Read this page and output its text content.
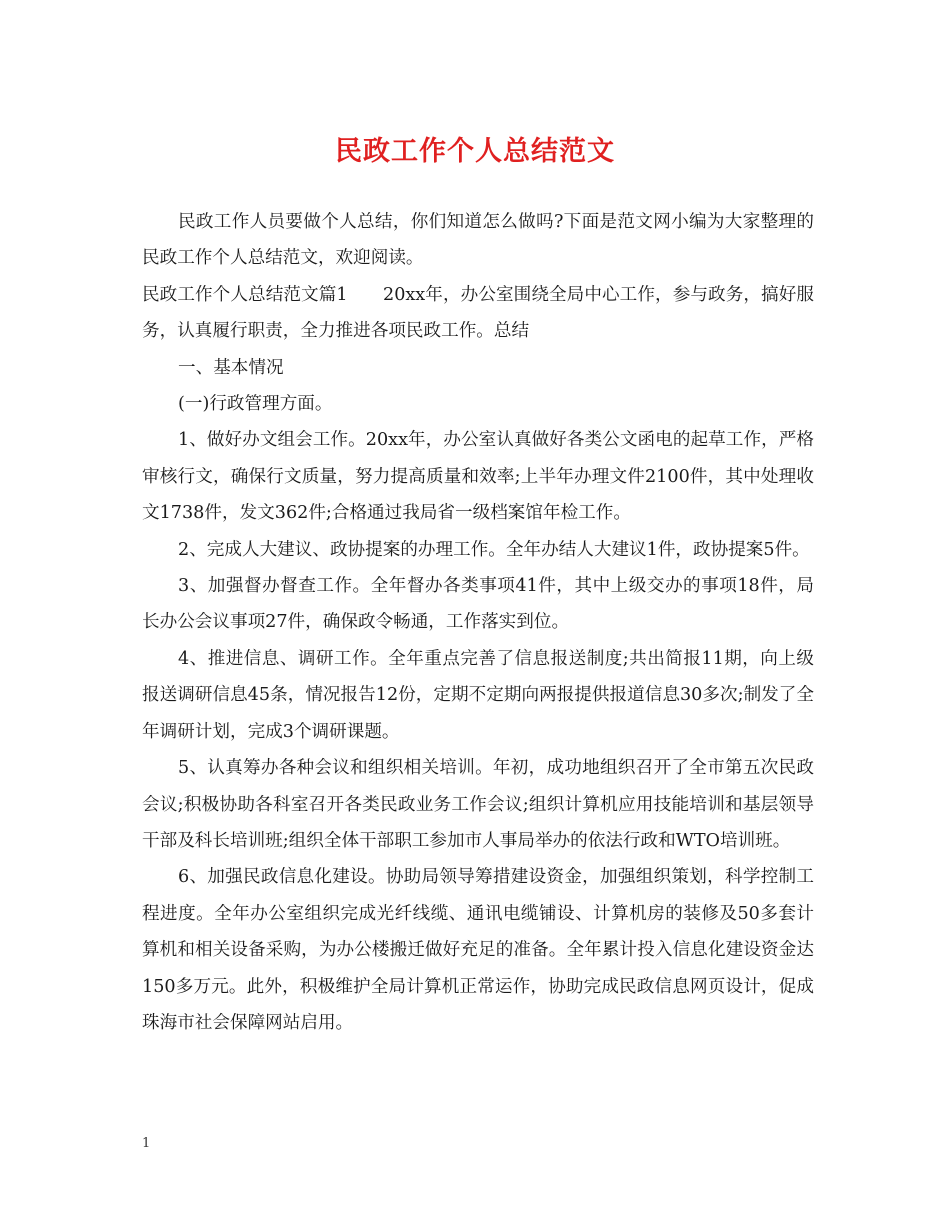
民政工作个人总结范文

民政工作人员要做个人总结，你们知道怎么做吗?下面是范文网小编为大家整理的民政工作个人总结范文，欢迎阅读。

民政工作个人总结范文篇1　　20xx年，办公室围绕全局中心工作，参与政务，搞好服务，认真履行职责，全力推进各项民政工作。总结

一、基本情况

(一)行政管理方面。

1、做好办文组会工作。20xx年，办公室认真做好各类公文函电的起草工作，严格审核行文，确保行文质量，努力提高质量和效率;上半年办理文件2100件，其中处理收文1738件，发文362件;合格通过我局省一级档案馆年检工作。

2、完成人大建议、政协提案的办理工作。全年办结人大建议1件，政协提案5件。

3、加强督办督查工作。全年督办各类事项41件，其中上级交办的事项18件，局长办公会议事项27件，确保政令畅通，工作落实到位。

4、推进信息、调研工作。全年重点完善了信息报送制度;共出简报11期，向上级报送调研信息45条，情况报告12份，定期不定期向两报提供报道信息30多次;制发了全年调研计划，完成3个调研课题。

5、认真筹办各种会议和组织相关培训。年初，成功地组织召开了全市第五次民政会议;积极协助各科室召开各类民政业务工作会议;组织计算机应用技能培训和基层领导干部及科长培训班;组织全体干部职工参加市人事局举办的依法行政和WTO培训班。

6、加强民政信息化建设。协助局领导筹措建设资金，加强组织策划，科学控制工程进度。全年办公室组织完成光纤线缆、通讯电缆铺设、计算机房的装修及50多套计算机和相关设备采购，为办公楼搬迁做好充足的准备。全年累计投入信息化建设资金达150多万元。此外，积极维护全局计算机正常运作，协助完成民政信息网页设计，促成珠海市社会保障网站启用。

1
